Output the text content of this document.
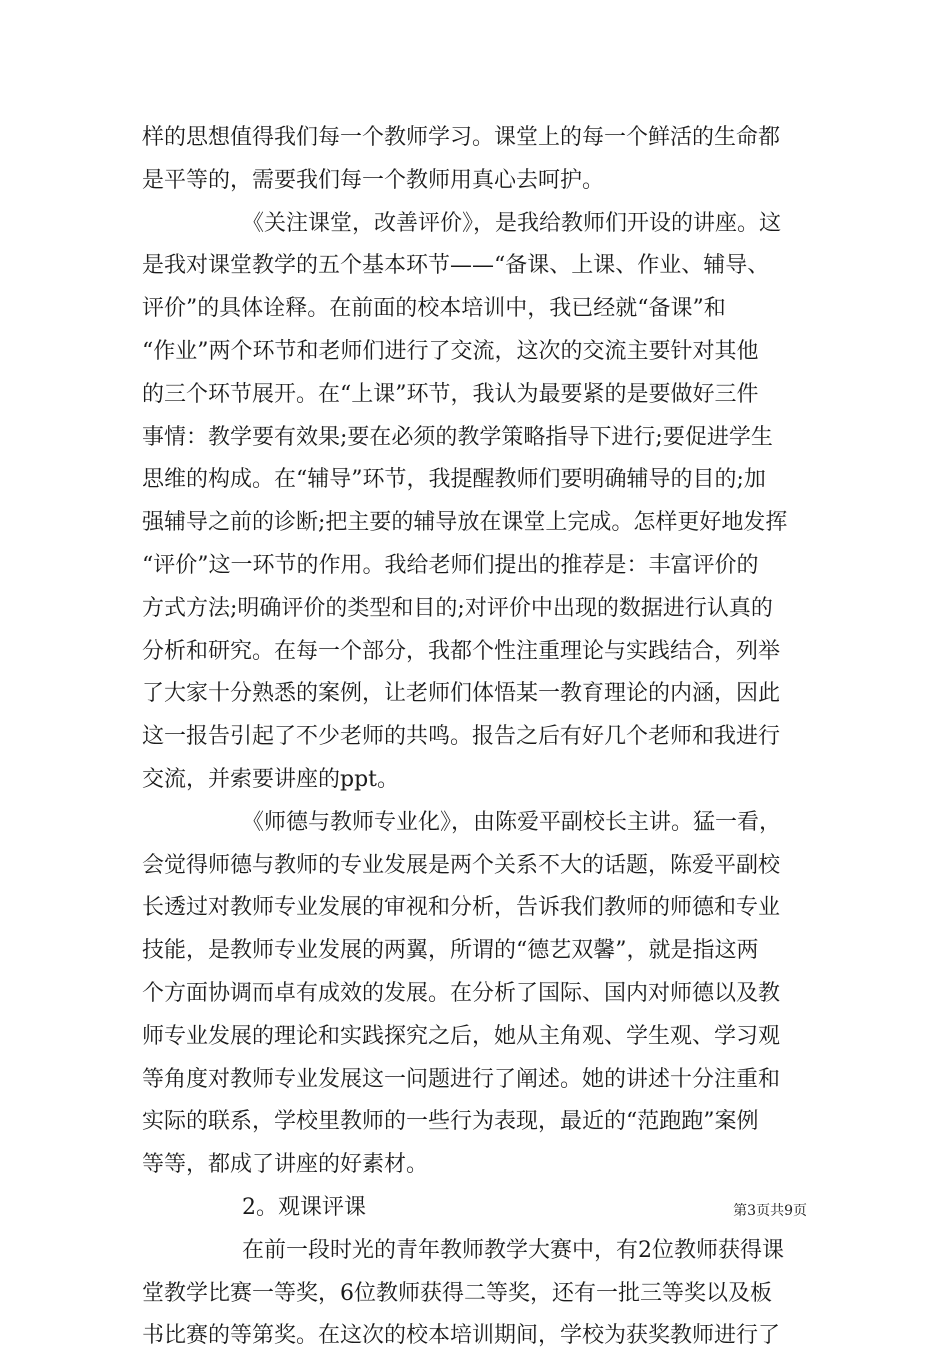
样的思想值得我们每一个教师学习。课堂上的每一个鲜活的生命都
是平等的，需要我们每一个教师用真心去呵护。
《关注课堂，改善评价》，是我给教师们开设的讲座。这
是我对课堂教学的五个基本环节——“备课、上课、作业、辅导、
评价”的具体诠释。在前面的校本培训中，我已经就“备课”和
“作业”两个环节和老师们进行了交流，这次的交流主要针对其他
的三个环节展开。在“上课”环节，我认为最要紧的是要做好三件
事情：教学要有效果;要在必须的教学策略指导下进行;要促进学生
思维的构成。在“辅导”环节，我提醒教师们要明确辅导的目的;加
强辅导之前的诊断;把主要的辅导放在课堂上完成。怎样更好地发挥
“评价”这一环节的作用。我给老师们提出的推荐是：丰富评价的
方式方法;明确评价的类型和目的;对评价中出现的数据进行认真的
分析和研究。在每一个部分，我都个性注重理论与实践结合，列举
了大家十分熟悉的案例，让老师们体悟某一教育理论的内涵，因此
这一报告引起了不少老师的共鸣。报告之后有好几个老师和我进行
交流，并索要讲座的ppt。
《师德与教师专业化》，由陈爱平副校长主讲。猛一看，
会觉得师德与教师的专业发展是两个关系不大的话题，陈爱平副校
长透过对教师专业发展的审视和分析，告诉我们教师的师德和专业
技能，是教师专业发展的两翼，所谓的“德艺双馨”，就是指这两
个方面协调而卓有成效的发展。在分析了国际、国内对师德以及教
师专业发展的理论和实践探究之后，她从主角观、学生观、学习观
等角度对教师专业发展这一问题进行了阐述。她的讲述十分注重和
实际的联系，学校里教师的一些行为表现，最近的“范跑跑”案例
等等，都成了讲座的好素材。
2。观课评课
在前一段时光的青年教师教学大赛中，有2位教师获得课
堂教学比赛一等奖，6位教师获得二等奖，还有一批三等奖以及板
书比赛的等第奖。在这次的校本培训期间，学校为获奖教师进行了
第3页共9页
